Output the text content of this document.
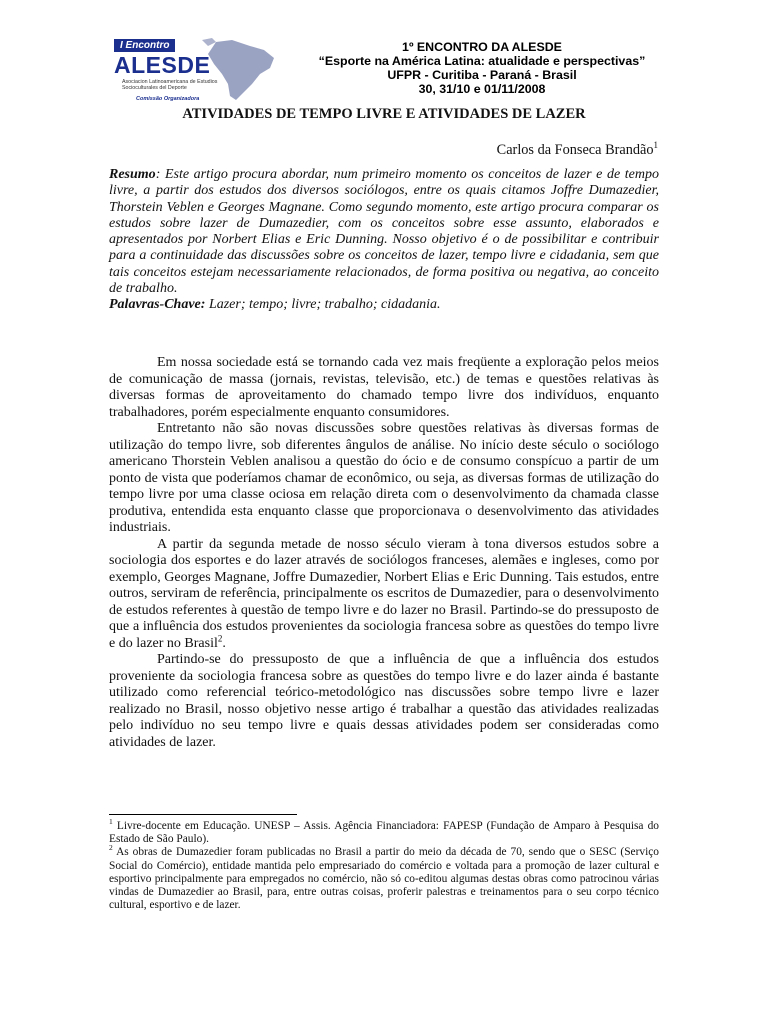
I Encontro
ALESDE
Asociacion Latinoamericana de Estudios Socioculturales del Deporte
Comissão Organizadora
1º ENCONTRO DA ALESDE
“Esporte na América Latina: atualidade e perspectivas”
UFPR - Curitiba - Paraná - Brasil
30, 31/10 e 01/11/2008
ATIVIDADES DE TEMPO LIVRE E ATIVIDADES DE LAZER
Carlos da Fonseca Brandão$^1$
Resumo: Este artigo procura abordar, num primeiro momento os conceitos de lazer e de tempo livre, a partir dos estudos dos diversos sociólogos, entre os quais citamos Joffre Dumazedier, Thorstein Veblen e Georges Magnane. Como segundo momento, este artigo procura comparar os estudos sobre lazer de Dumazedier, com os conceitos sobre esse assunto, elaborados e apresentados por Norbert Elias e Eric Dunning. Nosso objetivo é o de possibilitar e contribuir para a continuidade das discussões sobre os conceitos de lazer, tempo livre e cidadania, sem que tais conceitos estejam necessariamente relacionados, de forma positiva ou negativa, ao conceito de trabalho.
Palavras-Chave: Lazer; tempo; livre; trabalho; cidadania.

Em nossa sociedade está se tornando cada vez mais freqüente a exploração pelos meios de comunicação de massa (jornais, revistas, televisão, etc.) de temas e questões relativas às diversas formas de aproveitamento do chamado tempo livre dos indivíduos, enquanto trabalhadores, porém especialmente enquanto consumidores.

Entretanto não são novas discussões sobre questões relativas às diversas formas de utilização do tempo livre, sob diferentes ângulos de análise. No início deste século o sociólogo americano Thorstein Veblen analisou a questão do ócio e de consumo conspícuo a partir de um ponto de vista que poderíamos chamar de econômico, ou seja, as diversas formas de utilização do tempo livre por uma classe ociosa em relação direta com o desenvolvimento da chamada classe produtiva, entendida esta enquanto classe que proporcionava o desenvolvimento das atividades industriais.

A partir da segunda metade de nosso século vieram à tona diversos estudos sobre a sociologia dos esportes e do lazer através de sociólogos franceses, alemães e ingleses, como por exemplo, Georges Magnane, Joffre Dumazedier, Norbert Elias e Eric Dunning. Tais estudos, entre outros, serviram de referência, principalmente os escritos de Dumazedier, para o desenvolvimento de estudos referentes à questão de tempo livre e do lazer no Brasil. Partindo-se do pressuposto de que a influência dos estudos provenientes da sociologia francesa sobre as questões do tempo livre e do lazer no Brasil$^2$.

Partindo-se do pressuposto de que a influência de que a influência dos estudos proveniente da sociologia francesa sobre as questões do tempo livre e do lazer ainda é bastante utilizado como referencial teórico-metodológico nas discussões sobre tempo livre e lazer realizado no Brasil, nosso objetivo nesse artigo é trabalhar a questão das atividades realizadas pelo indivíduo no seu tempo livre e quais dessas atividades podem ser consideradas como atividades de lazer.

$^1$ Livre-docente em Educação. UNESP – Assis. Agência Financiadora: FAPESP (Fundação de Amparo à Pesquisa do Estado de São Paulo).

$^2$ As obras de Dumazedier foram publicadas no Brasil a partir do meio da década de 70, sendo que o SESC (Serviço Social do Comércio), entidade mantida pelo empresariado do comércio e voltada para a promoção de lazer cultural e esportivo principalmente para empregados no comércio, não só co-editou algumas destas obras como patrocinou várias vindas de Dumazedier ao Brasil, para, entre outras coisas, proferir palestras e treinamentos para o seu corpo técnico cultural, esportivo e de lazer.
